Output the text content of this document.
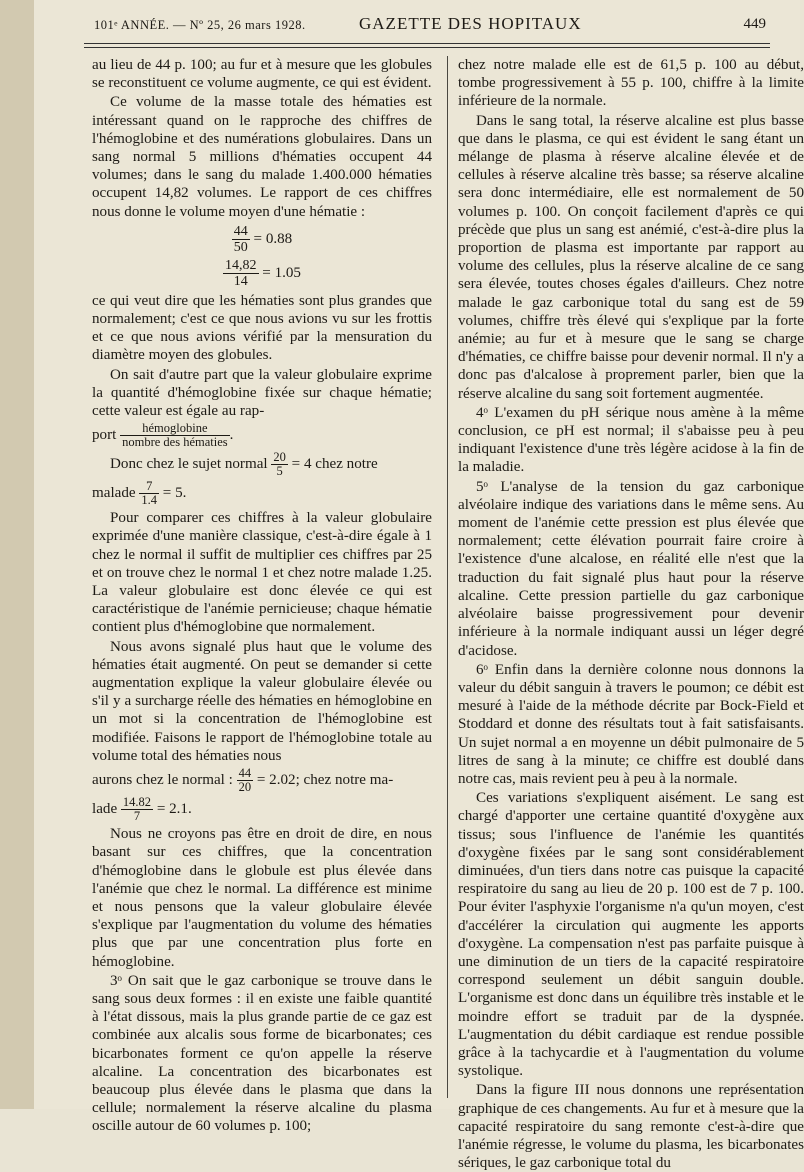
101ᵉ ANNÉE. — Nº 25, 26 mars 1928.	GAZETTE DES HOPITAUX	449

au lieu de 44 p. 100; au fur et à mesure que les globules se reconstituent ce volume augmente, ce qui est évident.

Ce volume de la masse totale des hématies est intéressant quand on le rapproche des chiffres de l'hémoglobine et des numérations globulaires. Dans un sang normal 5 millions d'hématies occupent 44 volumes; dans le sang du malade 1.400.000 hématies occupent 14,82 volumes. Le rapport de ces chiffres nous donne le volume moyen d'une hématie :

$\frac{44}{50} = 0.88$
$\frac{14,82}{14} = 1.05$

ce qui veut dire que les hématies sont plus grandes que normalement; c'est ce que nous avions vu sur les frottis et ce que nous avions vérifié par la mensuration du diamètre moyen des globules.

On sait d'autre part que la valeur globulaire exprime la quantité d'hémoglobine fixée sur chaque hématie; cette valeur est égale au rap-

port $\frac{\text{hémoglobine}}{\text{nombre des hématies}}$ .
Donc chez le sujet normal $\frac{20}{5} = 4$ chez notre
malade $\frac{7}{1.4} = 5$.

Pour comparer ces chiffres à la valeur globulaire exprimée d'une manière classique, c'est-à-dire égale à 1 chez le normal il suffit de multiplier ces chiffres par 25 et on trouve chez le normal 1 et chez notre malade 1.25. La valeur globulaire est donc élevée ce qui est caractéristique de l'anémie pernicieuse; chaque hématie contient plus d'hémoglobine que normalement.

Nous avons signalé plus haut que le volume des hématies était augmenté. On peut se demander si cette augmentation explique la valeur globulaire élevée ou s'il y a surcharge réelle des hématies en hémoglobine en un mot si la concentration de l'hémoglobine est modifiée. Faisons le rapport de l'hémoglobine totale au volume total des hématies nous

aurons chez le normal : $\frac{44}{20} = 2.02$; chez notre ma-
lade $\frac{14.82}{7} = 2.1$.

Nous ne croyons pas être en droit de dire, en nous basant sur ces chiffres, que la concentration d'hémoglobine dans le globule est plus élevée dans l'anémie que chez le normal. La différence est minime et nous pensons que la valeur globulaire élevée s'explique par l'augmentation du volume des hématies plus que par une concentration plus forte en hémoglobine.

3ᵒ On sait que le gaz carbonique se trouve dans le sang sous deux formes : il en existe une faible quantité à l'état dissous, mais la plus grande partie de ce gaz est combinée aux alcalis sous forme de bicarbonates; ces bicarbonates forment ce qu'on appelle la réserve alcaline. La concentration des bicarbonates est beaucoup plus élevée dans le plasma que dans la cellule; normalement la réserve alcaline du plasma oscille autour de 60 volumes p. 100;

chez notre malade elle est de 61,5 p. 100 au début, tombe progressivement à 55 p. 100, chiffre à la limite inférieure de la normale.

Dans le sang total, la réserve alcaline est plus basse que dans le plasma, ce qui est évident le sang étant un mélange de plasma à réserve alcaline élevée et de cellules à réserve alcaline très basse; sa réserve alcaline sera donc intermédiaire, elle est normalement de 50 volumes p. 100. On conçoit facilement d'après ce qui précède que plus un sang est anémié, c'est-à-dire plus la proportion de plasma est importante par rapport au volume des cellules, plus la réserve alcaline de ce sang sera élevée, toutes choses égales d'ailleurs. Chez notre malade le gaz carbonique total du sang est de 59 volumes, chiffre très élevé qui s'explique par la forte anémie; au fur et à mesure que le sang se charge d'hématies, ce chiffre baisse pour devenir normal. Il n'y a donc pas d'alcalose à proprement parler, bien que la réserve alcaline du sang soit fortement augmentée.

4ᵒ L'examen du pH sérique nous amène à la même conclusion, ce pH est normal; il s'abaisse peu à peu indiquant l'existence d'une très légère acidose à la fin de la maladie.

5ᵒ L'analyse de la tension du gaz carbonique alvéolaire indique des variations dans le même sens. Au moment de l'anémie cette pression est plus élevée que normalement; cette élévation pourrait faire croire à l'existence d'une alcalose, en réalité elle n'est que la traduction du fait signalé plus haut pour la réserve alcaline. Cette pression partielle du gaz carbonique alvéolaire baisse progressivement pour devenir inférieure à la normale indiquant aussi un léger degré d'acidose.

6ᵒ Enfin dans la dernière colonne nous donnons la valeur du débit sanguin à travers le poumon; ce débit est mesuré à l'aide de la méthode décrite par Bock-Field et Stoddard et donne des résultats tout à fait satisfaisants. Un sujet normal a en moyenne un débit pulmonaire de 5 litres de sang à la minute; ce chiffre est doublé dans notre cas, mais revient peu à peu à la normale.

Ces variations s'expliquent aisément. Le sang est chargé d'apporter une certaine quantité d'oxygène aux tissus; sous l'influence de l'anémie les quantités d'oxygène fixées par le sang sont considérablement diminuées, d'un tiers dans notre cas puisque la capacité respiratoire du sang au lieu de 20 p. 100 est de 7 p. 100. Pour éviter l'asphyxie l'organisme n'a qu'un moyen, c'est d'accélérer la circulation qui augmente les apports d'oxygène. La compensation n'est pas parfaite puisque à une diminution de un tiers de la capacité respiratoire correspond seulement un débit sanguin double. L'organisme est donc dans un équilibre très instable et le moindre effort se traduit par de la dyspnée. L'augmentation du débit cardiaque est rendue possible grâce à la tachycardie et à l'augmentation du volume systolique.

Dans la figure III nous donnons une représentation graphique de ces changements. Au fur et à mesure que la capacité respiratoire du sang remonte c'est-à-dire que l'anémie régresse, le volume du plasma, les bicarbonates sériques, le gaz carbonique total du
